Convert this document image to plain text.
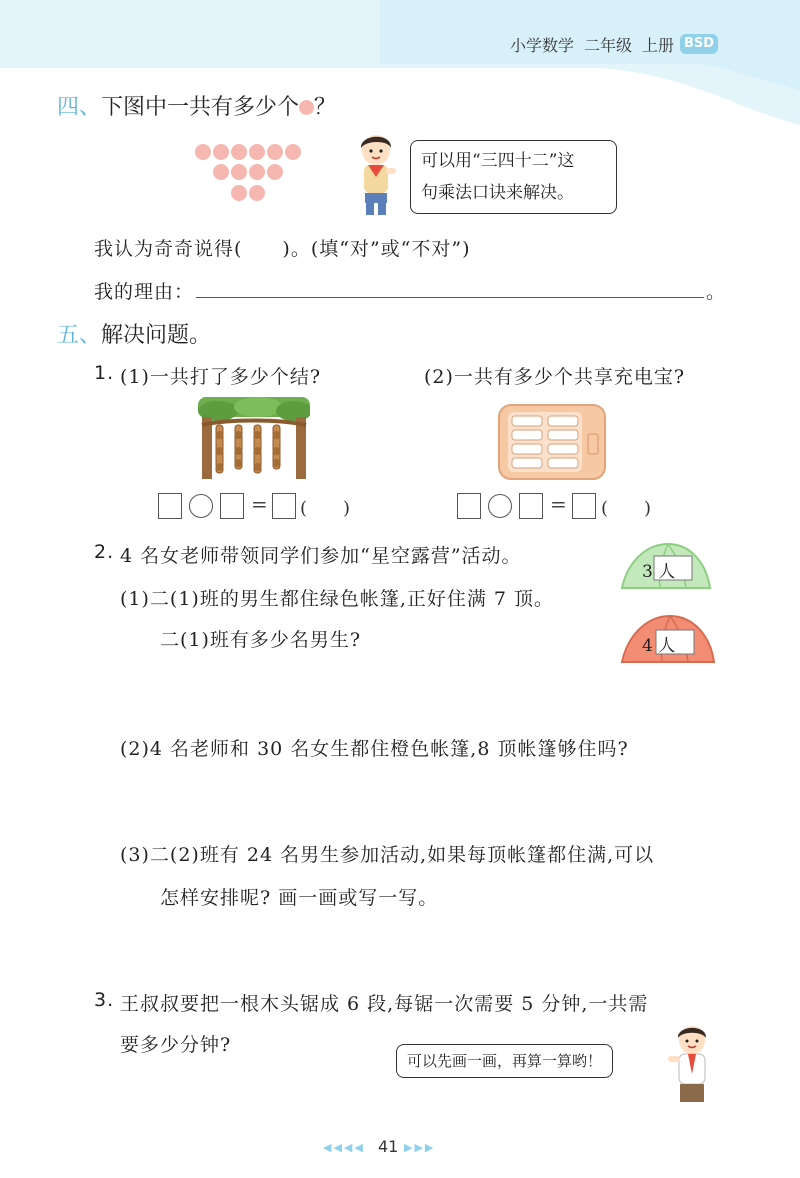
小学数学 二年级 上册 BSD
四、下图中一共有多少个 ？
可以用“三四十二”这
句乘法口诀来解决。
我认为奇奇说得(　　)。(填“对”或“不对”)
我的理由：	。
五、解决问题。
1. (1)一共打了多少个结?	(2)一共有多少个共享充电宝?
= (　　)	= (　　)
2. 4 名女老师带领同学们参加“星空露营”活动。
(1)二(1)班的男生都住绿色帐篷,正好住满 7 顶。
二(1)班有多少名男生?
3 人
4 人
(2)4 名老师和 30 名女生都住橙色帐篷,8 顶帐篷够住吗?
(3)二(2)班有 24 名男生参加活动,如果每顶帐篷都住满,可以
怎样安排呢? 画一画或写一写。
3. 王叔叔要把一根木头锯成 6 段,每锯一次需要 5 分钟,一共需
要多少分钟?
可以先画一画，再算一算哟！
◀◀◀◀ 41 ▶▶▶
